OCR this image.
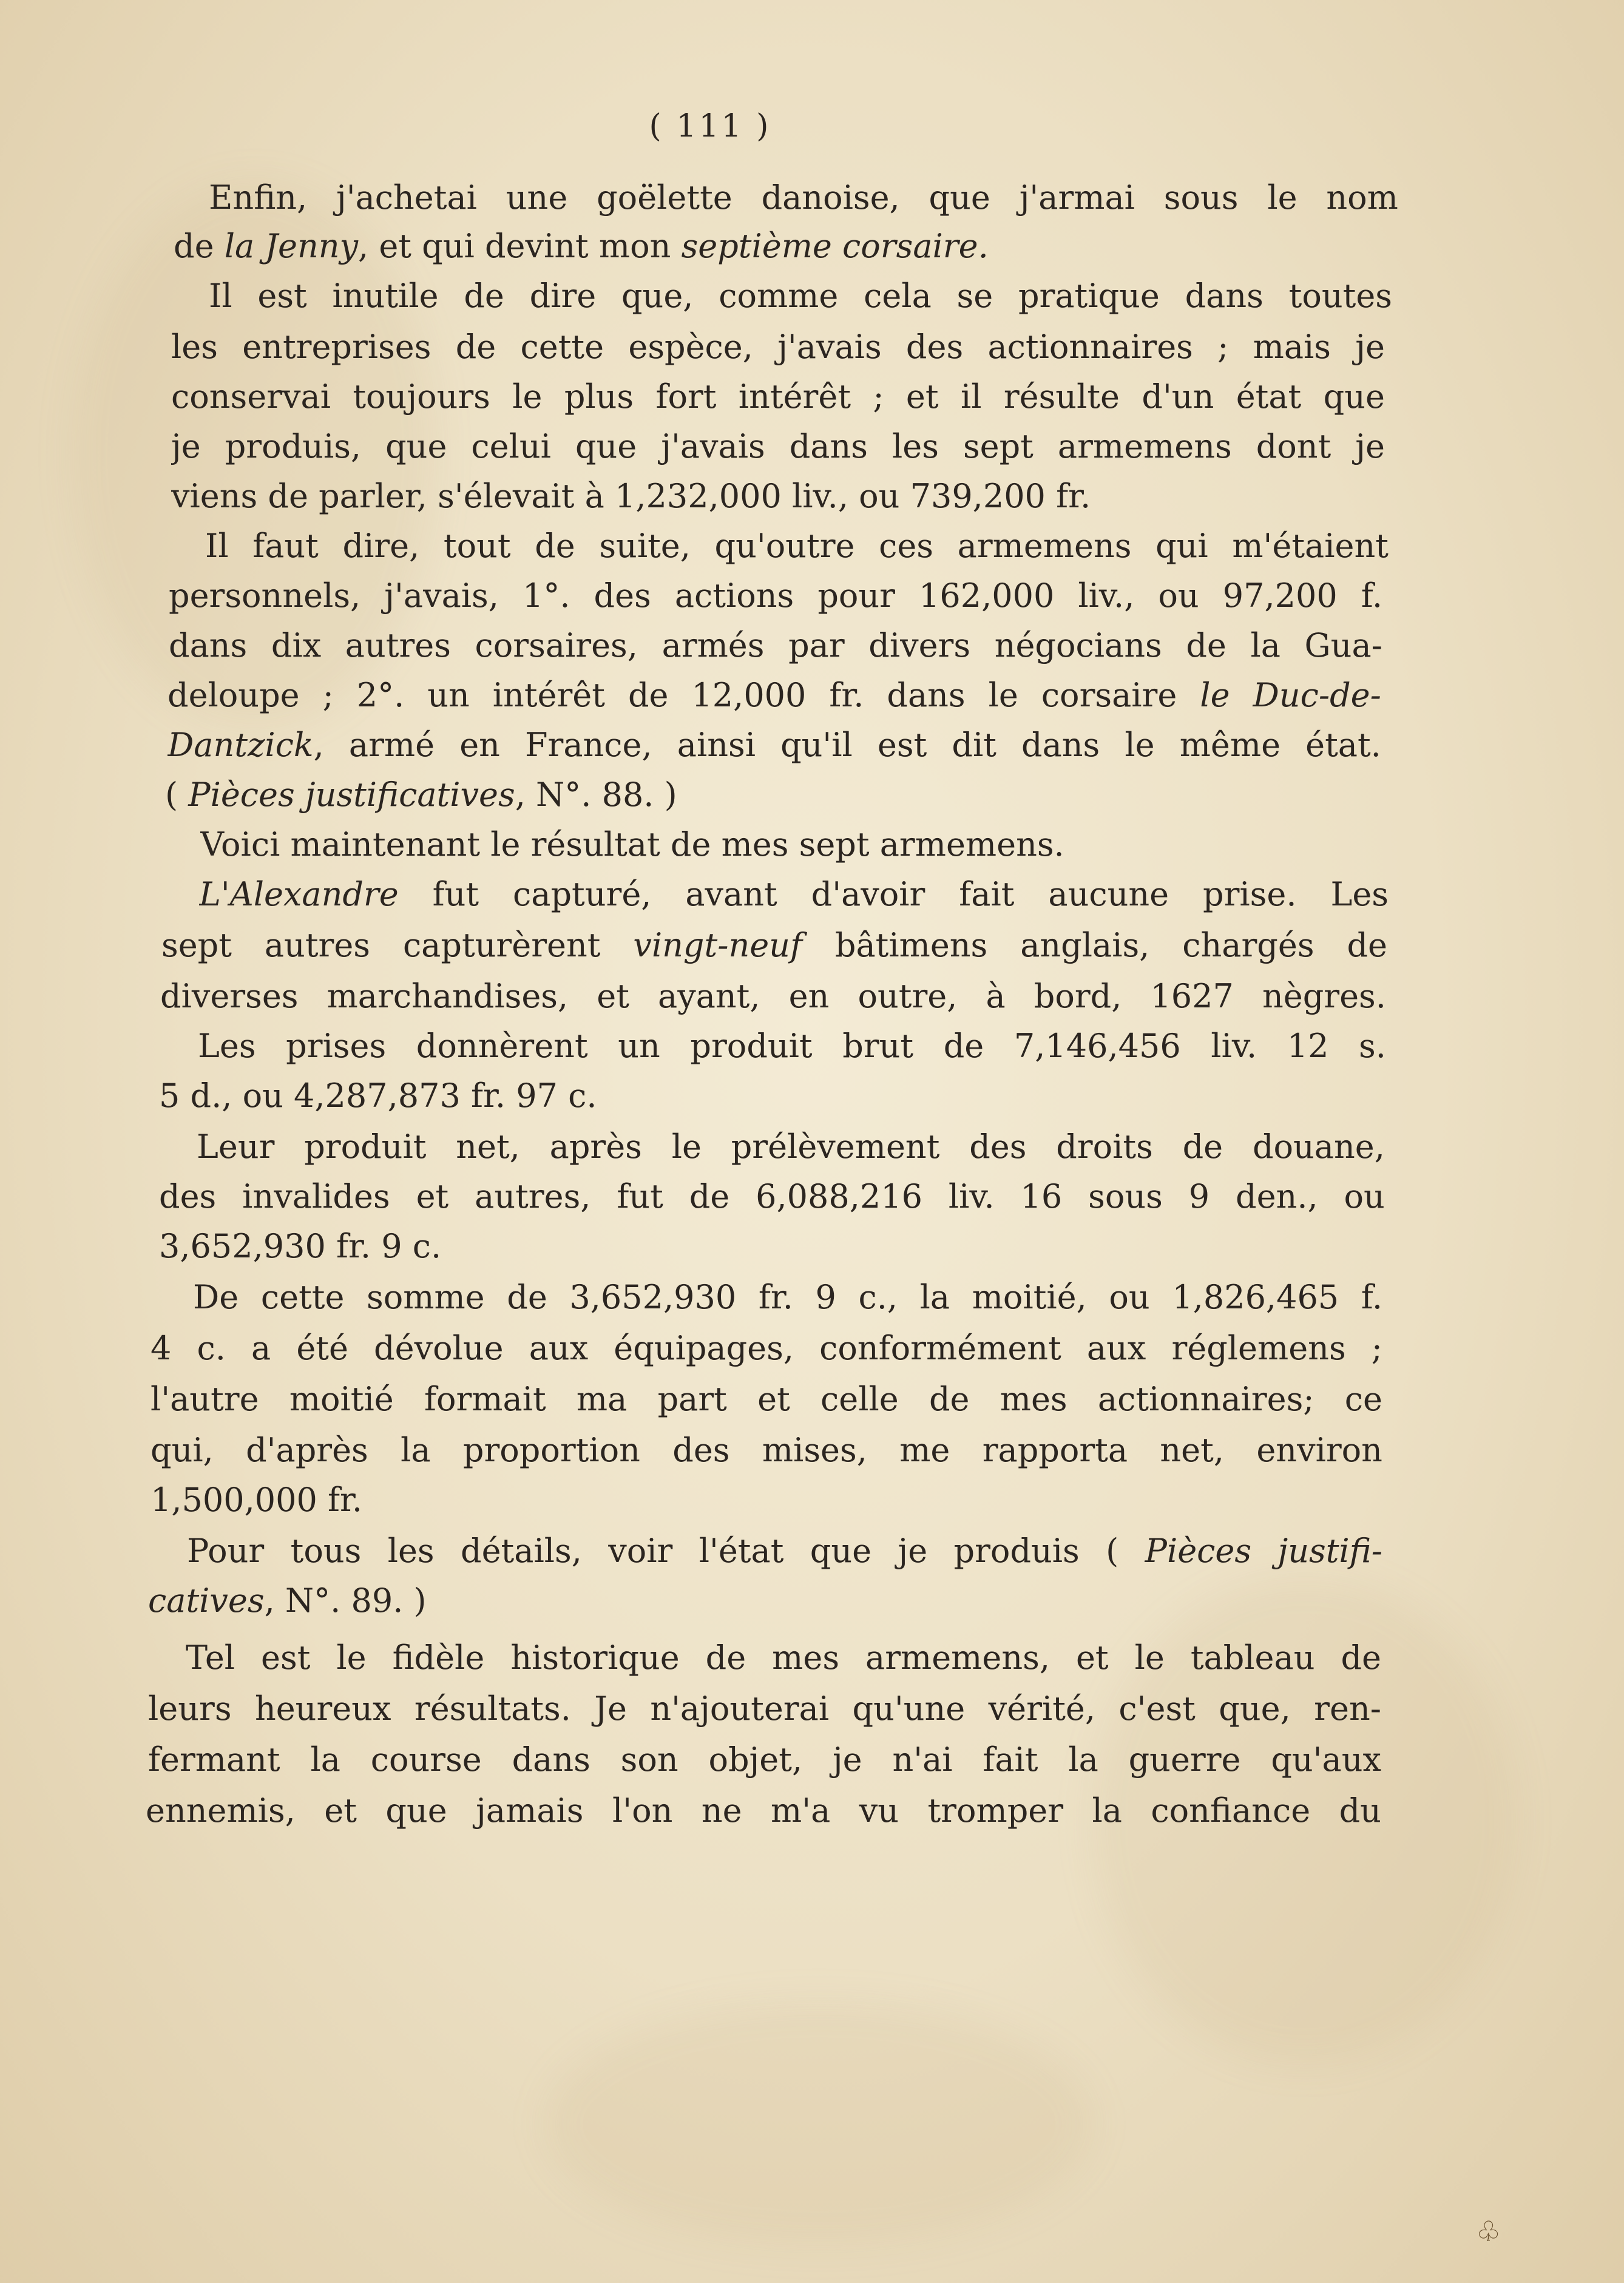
( 111 )
Enfin, j'achetai une goëlette danoise, que j'armai sous le nom
de la Jenny, et qui devint mon septième corsaire.
Il est inutile de dire que, comme cela se pratique dans toutes
les entreprises de cette espèce, j'avais des actionnaires ; mais je
conservai toujours le plus fort intérêt ; et il résulte d'un état que
je produis, que celui que j'avais dans les sept armemens dont je
viens de parler, s'élevait à 1,232,000 liv., ou 739,200 fr.
Il faut dire, tout de suite, qu'outre ces armemens qui m'étaient
personnels, j'avais, 1°. des actions pour 162,000 liv., ou 97,200 f.
dans dix autres corsaires, armés par divers négocians de la Gua-
deloupe ; 2°. un intérêt de 12,000 fr. dans le corsaire le Duc-de-
Dantzick, armé en France, ainsi qu'il est dit dans le même état.
( Pièces justificatives, N°. 88. )
Voici maintenant le résultat de mes sept armemens.
L'Alexandre fut capturé, avant d'avoir fait aucune prise. Les
sept autres capturèrent vingt-neuf bâtimens anglais, chargés de
diverses marchandises, et ayant, en outre, à bord, 1627 nègres.
Les prises donnèrent un produit brut de 7,146,456 liv. 12 s.
5 d., ou 4,287,873 fr. 97 c.
Leur produit net, après le prélèvement des droits de douane,
des invalides et autres, fut de 6,088,216 liv. 16 sous 9 den., ou
3,652,930 fr. 9 c.
De cette somme de 3,652,930 fr. 9 c., la moitié, ou 1,826,465 f.
4 c. a été dévolue aux équipages, conformément aux réglemens ;
l'autre moitié formait ma part et celle de mes actionnaires; ce
qui, d'après la proportion des mises, me rapporta net, environ
1,500,000 fr.
Pour tous les détails, voir l'état que je produis ( Pièces justifi-
catives, N°. 89. )
Tel est le fidèle historique de mes armemens, et le tableau de
leurs heureux résultats. Je n'ajouterai qu'une vérité, c'est que, ren-
fermant la course dans son objet, je n'ai fait la guerre qu'aux
ennemis, et que jamais l'on ne m'a vu tromper la confiance du
♧
